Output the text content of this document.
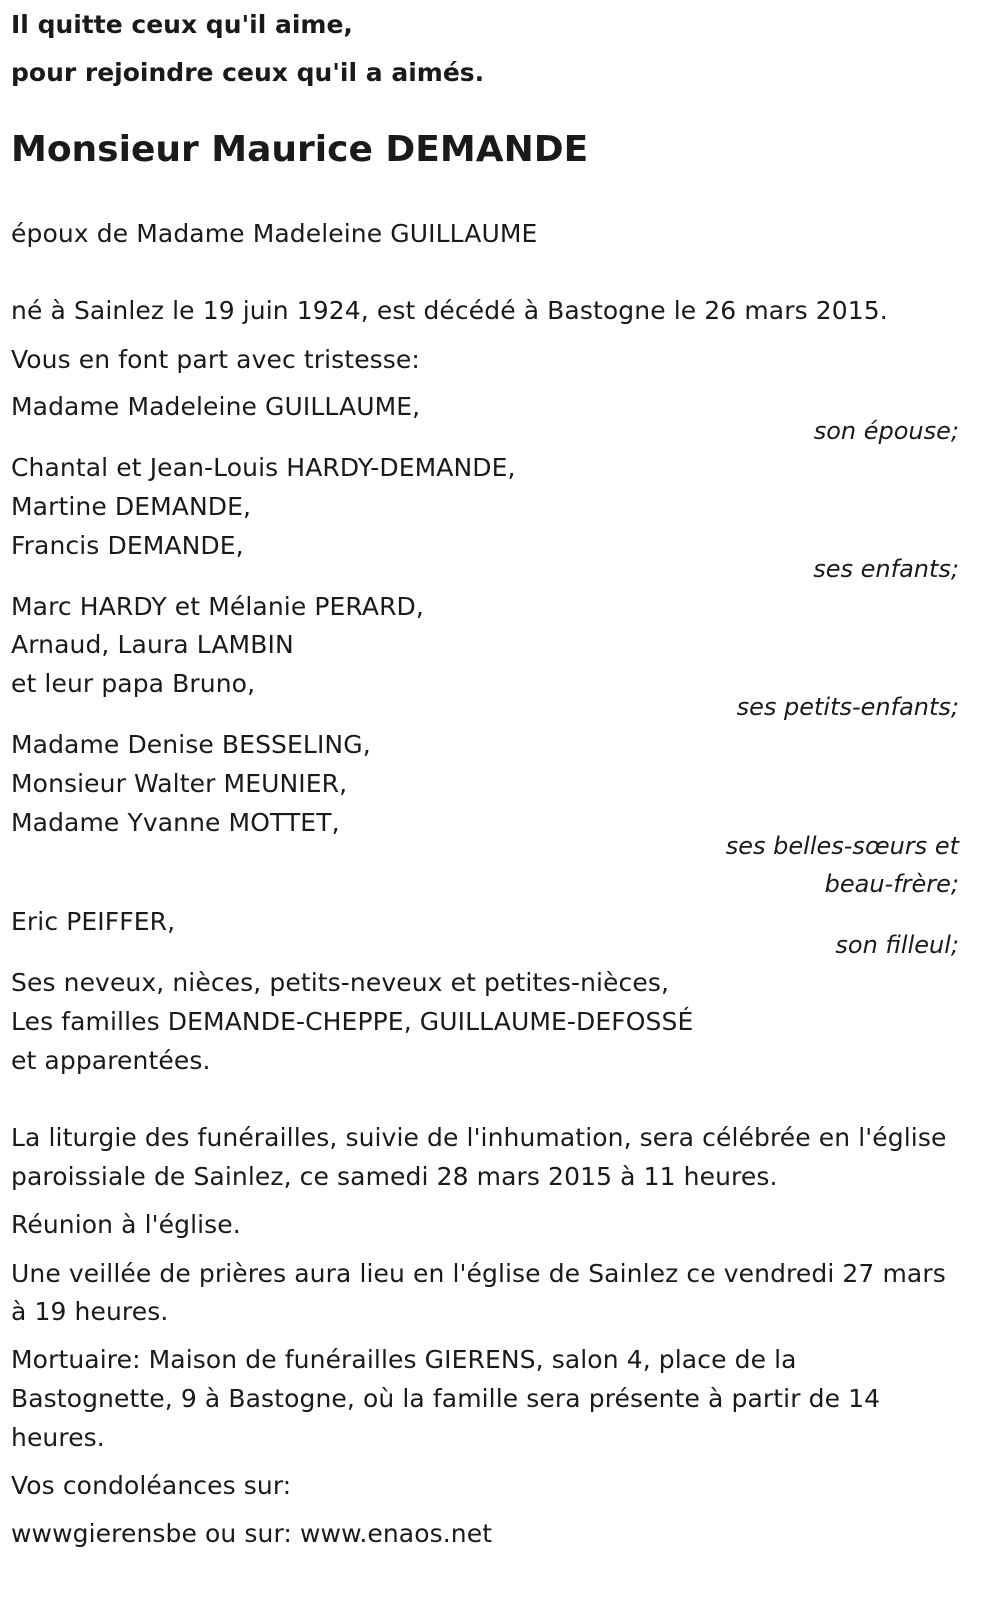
Il quitte ceux qu'il aime,
pour rejoindre ceux qu'il a aimés.
Monsieur Maurice DEMANDE
époux de Madame Madeleine GUILLAUME
né à Sainlez le 19 juin 1924, est décédé à Bastogne le 26 mars 2015.
Vous en font part avec tristesse:
Madame Madeleine GUILLAUME,
son épouse;
Chantal et Jean-Louis HARDY-DEMANDE,
Martine DEMANDE,
Francis DEMANDE,
ses enfants;
Marc HARDY et Mélanie PERARD,
Arnaud, Laura LAMBIN
et leur papa Bruno,
ses petits-enfants;
Madame Denise BESSELING,
Monsieur Walter MEUNIER,
Madame Yvanne MOTTET,
ses belles-sœurs et
beau-frère;
Eric PEIFFER,
son filleul;
Ses neveux, nièces, petits-neveux et petites-nièces,
Les familles DEMANDE-CHEPPE, GUILLAUME-DEFOSSÉ
et apparentées.
La liturgie des funérailles, suivie de l'inhumation, sera célébrée en l'église
paroissiale de Sainlez, ce samedi 28 mars 2015 à 11 heures.
Réunion à l'église.
Une veillée de prières aura lieu en l'église de Sainlez ce vendredi 27 mars
à 19 heures.
Mortuaire: Maison de funérailles GIERENS, salon 4, place de la
Bastognette, 9 à Bastogne, où la famille sera présente à partir de 14
heures.
Vos condoléances sur:
wwwgierensbe ou sur: www.enaos.net
